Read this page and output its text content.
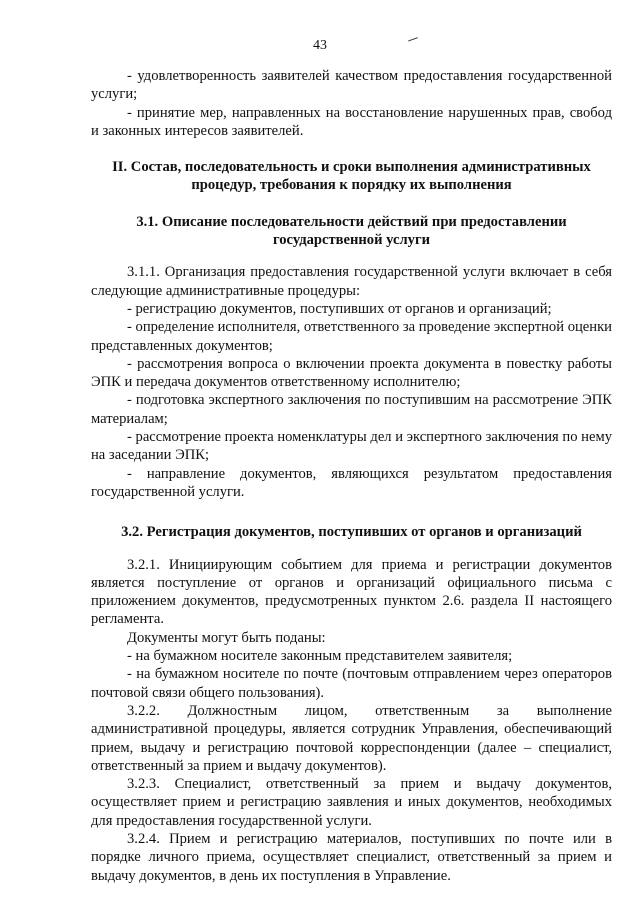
43

- удовлетворенность заявителей качеством предоставления государственной услуги;

- принятие мер, направленных на восстановление нарушенных прав, свобод и законных интересов заявителей.

II. Состав, последовательность и сроки выполнения административных процедур, требования к порядку их выполнения

3.1. Описание последовательности действий при предоставлении государственной услуги

3.1.1. Организация предоставления государственной услуги включает в себя следующие административные процедуры:

- регистрацию документов, поступивших от органов и организаций;

- определение исполнителя, ответственного за проведение экспертной оценки представленных документов;

- рассмотрения вопроса о включении проекта документа в повестку работы ЭПК и передача документов ответственному исполнителю;

- подготовка экспертного заключения по поступившим на рассмотрение ЭПК материалам;

- рассмотрение проекта номенклатуры дел и экспертного заключения по нему на заседании ЭПК;

- направление документов, являющихся результатом предоставления государственной услуги.

3.2. Регистрация документов, поступивших от органов и организаций

3.2.1. Инициирующим событием для приема и регистрации документов является поступление от органов и организаций официального письма с приложением документов, предусмотренных пунктом 2.6. раздела II настоящего регламента.

Документы могут быть поданы:

- на бумажном носителе законным представителем заявителя;

- на бумажном носителе по почте (почтовым отправлением через операторов почтовой связи общего пользования).

3.2.2. Должностным лицом, ответственным за выполнение административной процедуры, является сотрудник Управления, обеспечивающий прием, выдачу и регистрацию почтовой корреспонденции (далее – специалист, ответственный за прием и выдачу документов).

3.2.3. Специалист, ответственный за прием и выдачу документов, осуществляет прием и регистрацию заявления и иных документов, необходимых для предоставления государственной услуги.

3.2.4. Прием и регистрацию материалов, поступивших по почте или в порядке личного приема, осуществляет специалист, ответственный за прием и выдачу документов, в день их поступления в Управление.
